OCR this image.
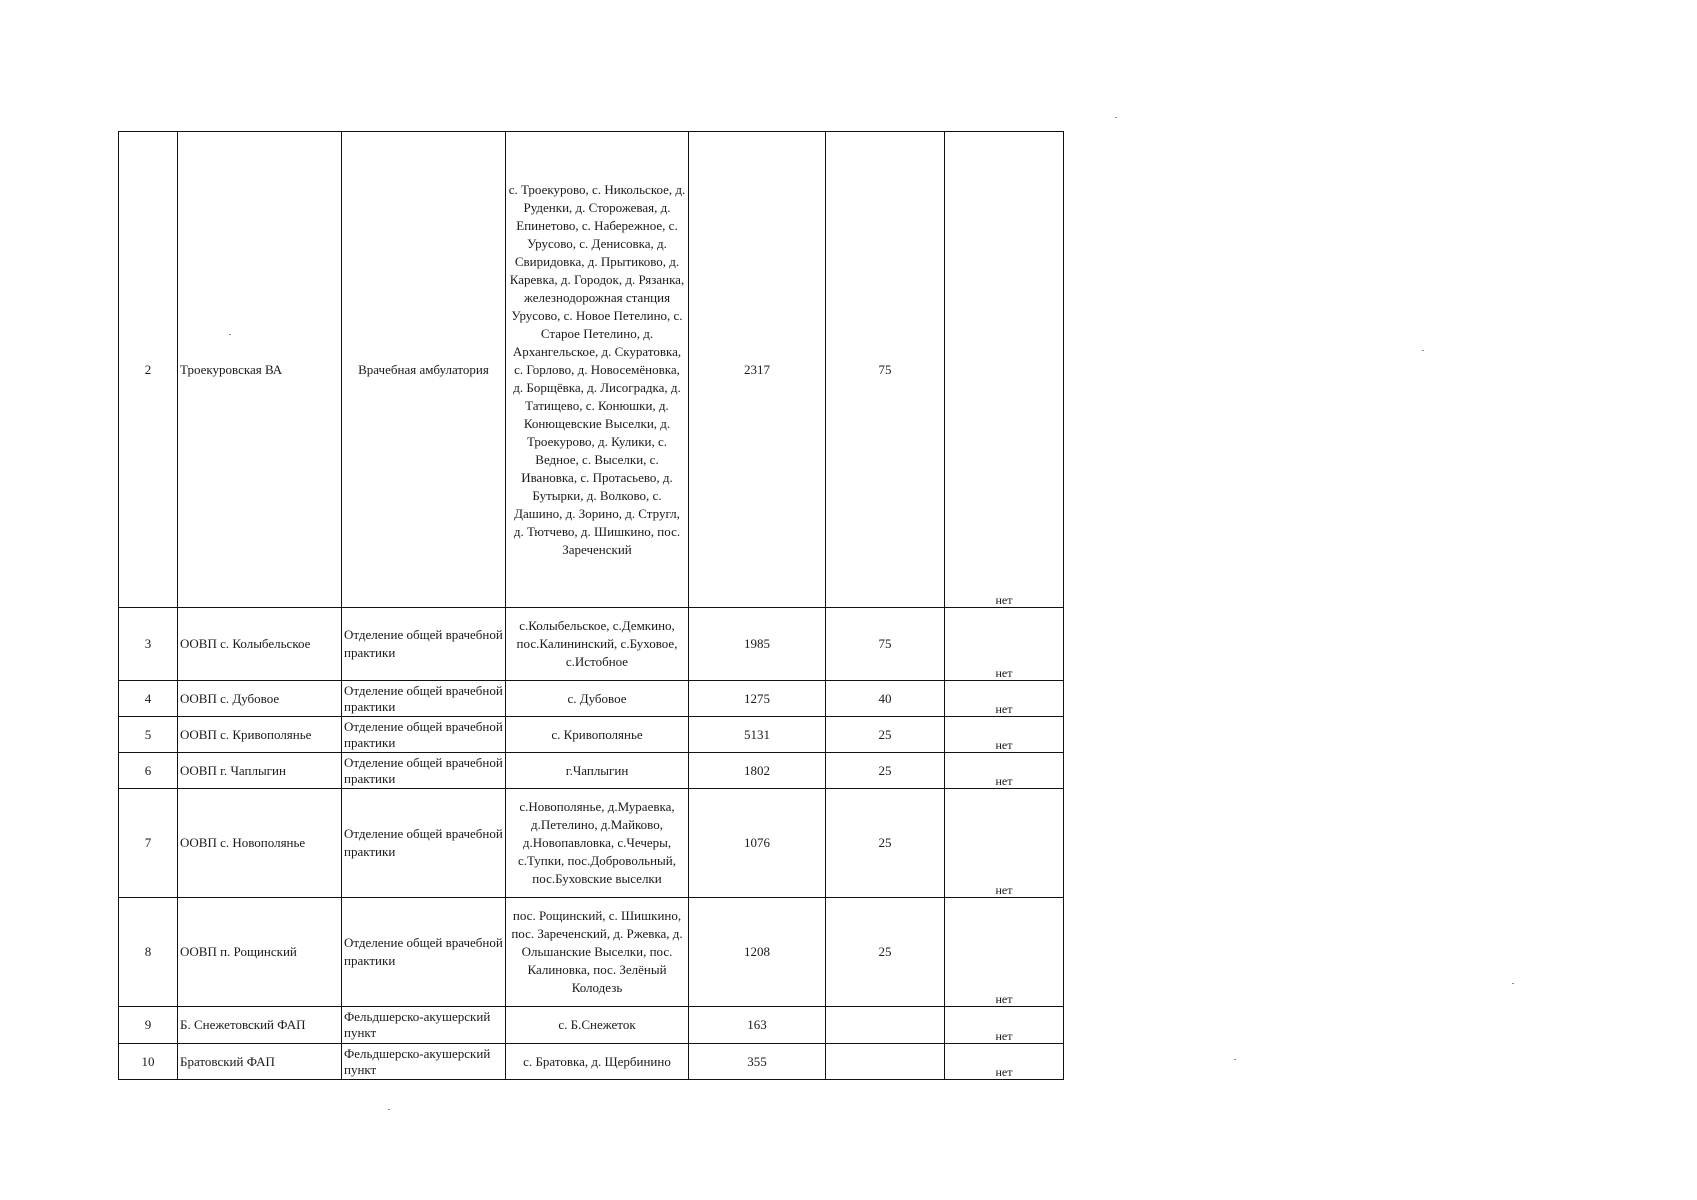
2	Троекуровская ВА	Врачебная амбулатория	с. Троекурово, с. Никольское, д. Руденки, д. Сторожевая, д. Епинетово, с. Набережное, с. Урусово, с. Денисовка, д. Свиридовка, д. Прытиково, д. Каревка, д. Городок, д. Рязанка, железнодорожная станция Урусово, с. Новое Петелино, с. Старое Петелино, д. Архангельское, д. Скуратовка, с. Горлово, д. Новосемёновка, д. Борщёвка, д. Лисоградка, д. Татищево, с. Конюшки, д. Конющевские Выселки, д. Троекурово, д. Кулики, с. Ведное, с. Выселки, с. Ивановка, с. Протасьево, д. Бутырки, д. Волково, с. Дашино, д. Зорино, д. Стругл, д. Тютчево, д. Шишкино, пос. Зареченский	2317	75	нет
3	ООВП с. Колыбельское	Отделение общей врачебной практики	с.Колыбельское, с.Демкино, пос.Калининский, с.Буховое, с.Истобное	1985	75	нет
4	ООВП с. Дубовое	Отделение общей врачебной практики	с. Дубовое	1275	40	нет
5	ООВП с. Кривополянье	Отделение общей врачебной практики	с. Кривополянье	5131	25	нет
6	ООВП г. Чаплыгин	Отделение общей врачебной практики	г.Чаплыгин	1802	25	нет
7	ООВП с. Новополянье	Отделение общей врачебной практики	с.Новополянье, д.Мураевка, д.Петелино, д.Майково, д.Новопавловка, с.Чечеры, с.Тупки, пос.Добровольный, пос.Буховские выселки	1076	25	нет
8	ООВП п. Рощинский	Отделение общей врачебной практики	пос. Рощинский, с. Шишкино, пос. Зареченский, д. Ржевка, д. Ольшанские Выселки, пос. Калиновка, пос. Зелёный Колодезь	1208	25	нет
9	Б. Снежетовский ФАП	Фельдшерско-акушерский пункт	с. Б.Снежеток	163		нет
10	Братовский ФАП	Фельдшерско-акушерский пункт	с. Братовка, д. Щербинино	355		нет
